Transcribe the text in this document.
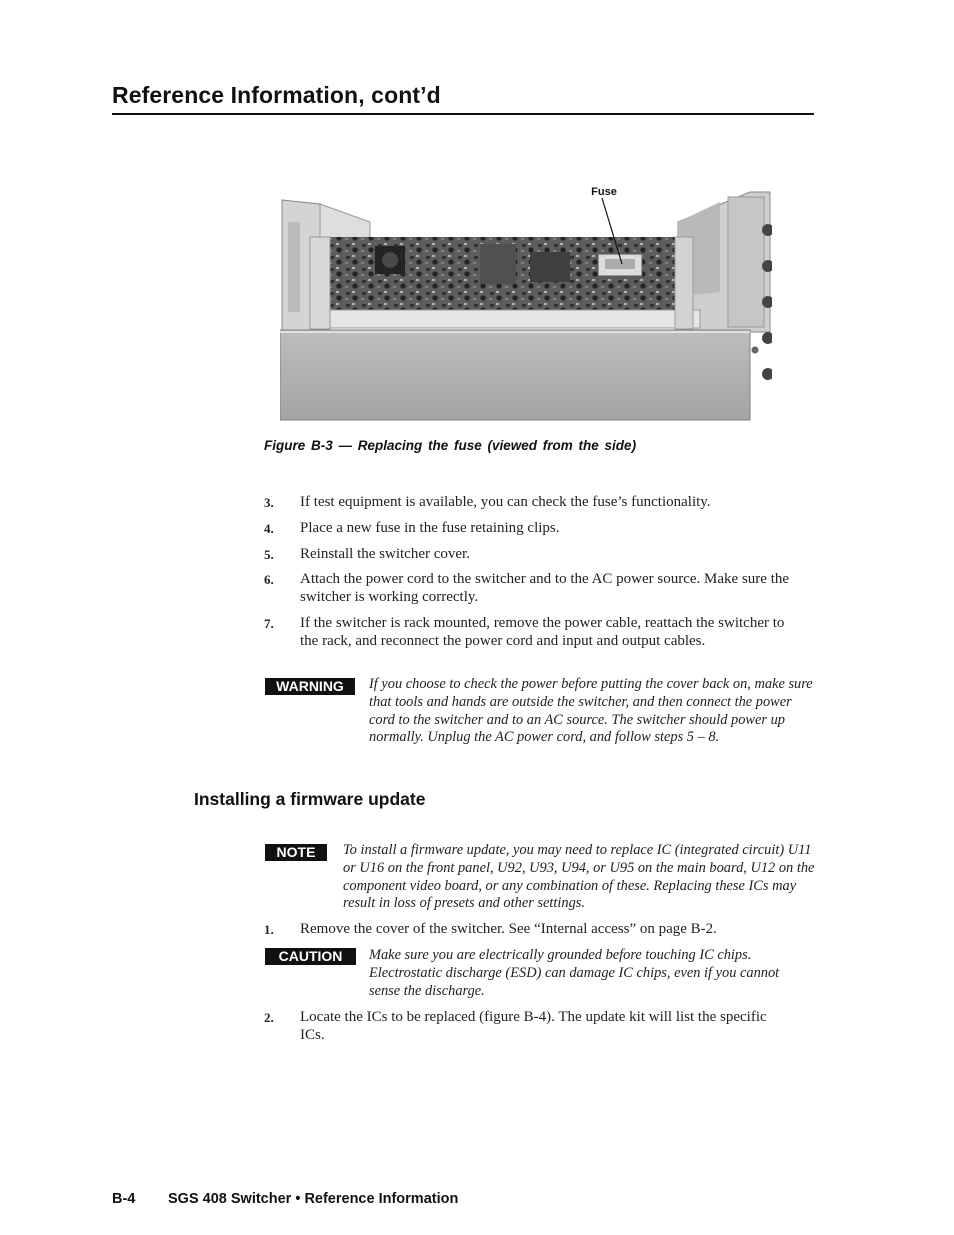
Reference Information, cont’d
Fuse

Figure B-3 — Replacing the fuse (viewed from the side)

3. If test equipment is available, you can check the fuse’s functionality.
4. Place a new fuse in the fuse retaining clips.
5. Reinstall the switcher cover.
6. Attach the power cord to the switcher and to the AC power source. Make sure the switcher is working correctly.
7. If the switcher is rack mounted, remove the power cable, reattach the switcher to the rack, and reconnect the power cord and input and output cables.
WARNING	If you choose to check the power before putting the cover back on, make sure that tools and hands are outside the switcher, and then connect the power cord to the switcher and to an AC source. The switcher should power up normally. Unplug the AC power cord, and follow steps 5 – 8.
Installing a firmware update
NOTE	To install a firmware update, you may need to replace IC (integrated circuit) U11 or U16 on the front panel, U92, U93, U94, or U95 on the main board, U12 on the component video board, or any combination of these. Replacing these ICs may result in loss of presets and other settings.
1. Remove the cover of the switcher. See “Internal access” on page B-2.
CAUTION	Make sure you are electrically grounded before touching IC chips. Electrostatic discharge (ESD) can damage IC chips, even if you cannot sense the discharge.
2. Locate the ICs to be replaced (figure B-4). The update kit will list the specific ICs.
B-4 SGS 408 Switcher • Reference Information
